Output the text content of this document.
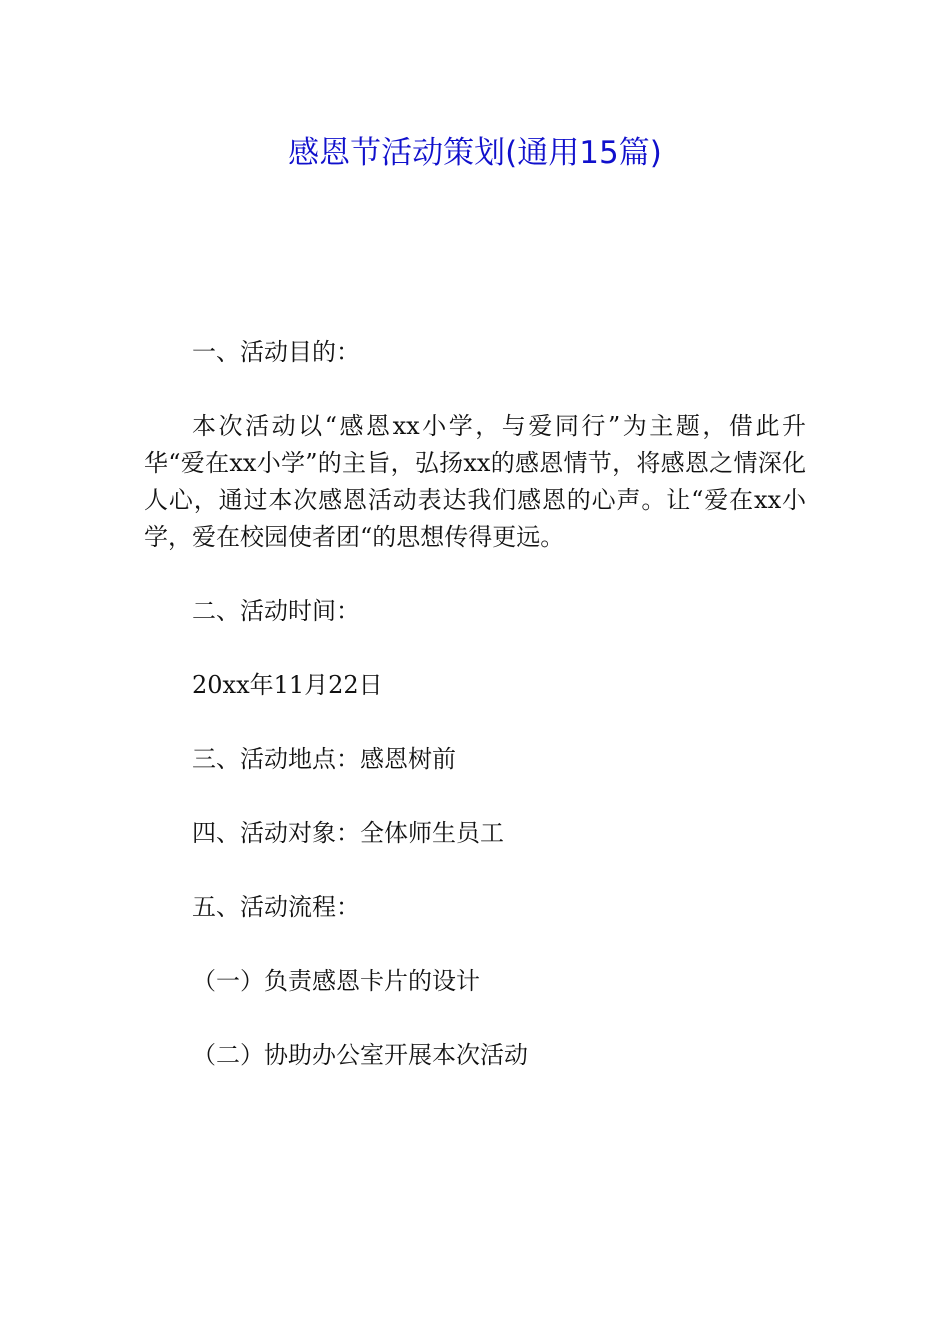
感恩节活动策划(通用15篇)

一、活动目的：

本次活动以“感恩xx小学，与爱同行”为主题，借此升华“爱在xx小学”的主旨，弘扬xx的感恩情节，将感恩之情深化人心，通过本次感恩活动表达我们感恩的心声。让“爱在xx小学，爱在校园使者团“的思想传得更远。

二、活动时间：

20xx年11月22日

三、活动地点：感恩树前

四、活动对象：全体师生员工

五、活动流程：

（一）负责感恩卡片的设计

（二）协助办公室开展本次活动
